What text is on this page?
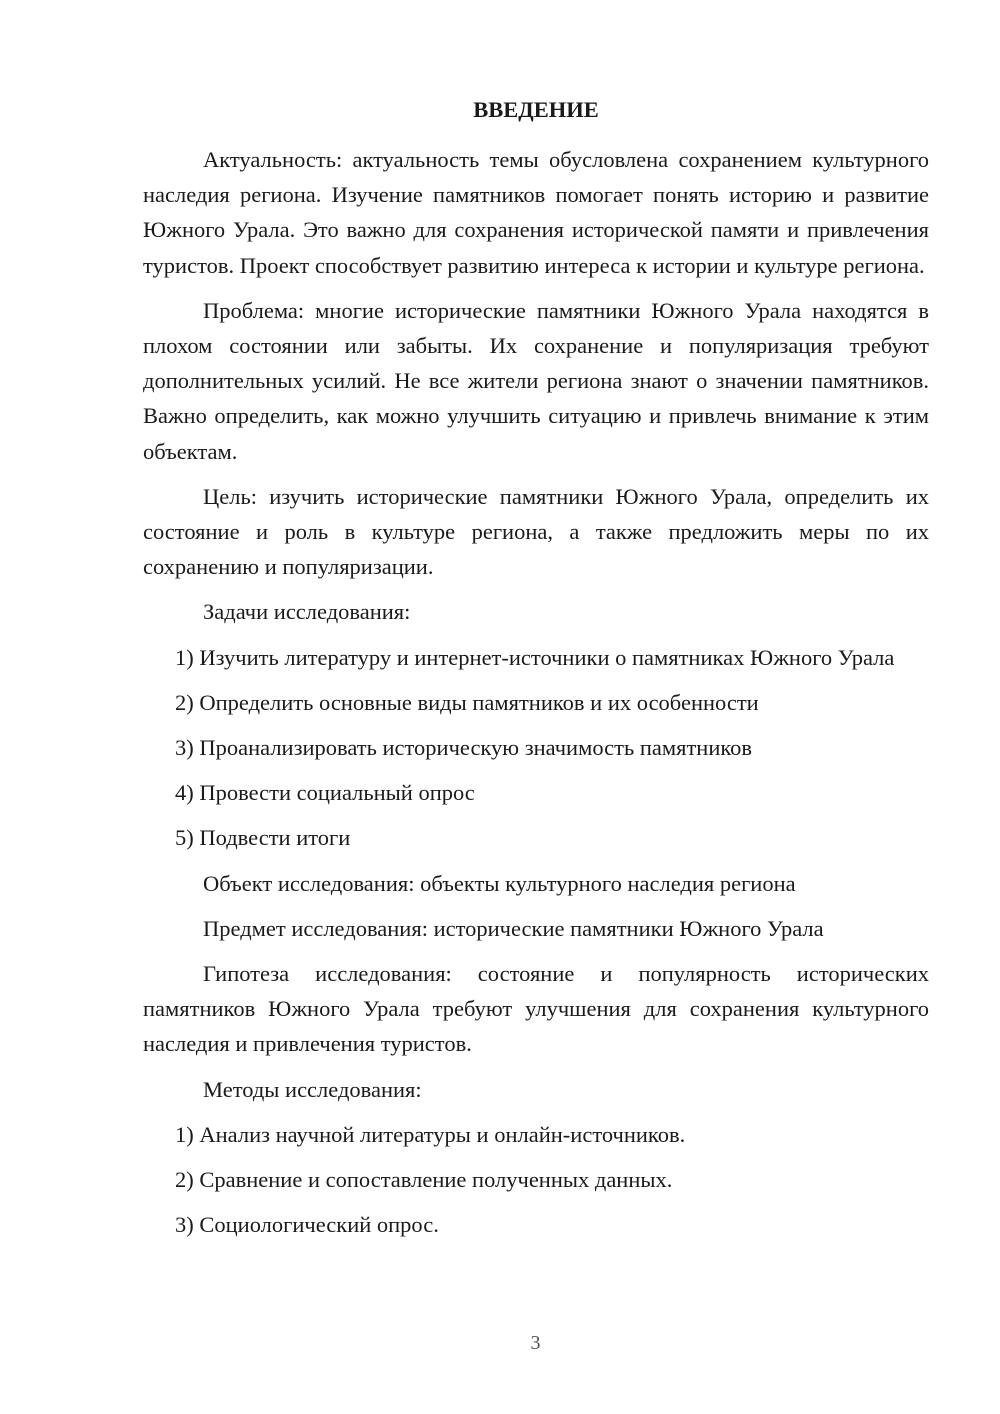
ВВЕДЕНИЕ

Актуальность: актуальность темы обусловлена сохранением культурного наследия региона. Изучение памятников помогает понять историю и развитие Южного Урала. Это важно для сохранения исторической памяти и привлечения туристов. Проект способствует развитию интереса к истории и культуре региона.

Проблема: многие исторические памятники Южного Урала находятся в плохом состоянии или забыты. Их сохранение и популяризация требуют дополнительных усилий. Не все жители региона знают о значении памятников. Важно определить, как можно улучшить ситуацию и привлечь внимание к этим объектам.

Цель: изучить исторические памятники Южного Урала, определить их состояние и роль в культуре региона, а также предложить меры по их сохранению и популяризации.

Задачи исследования:

1) Изучить литературу и интернет-источники о памятниках Южного Урала

2) Определить основные виды памятников и их особенности

3) Проанализировать историческую значимость памятников

4) Провести социальный опрос

5) Подвести итоги

Объект исследования: объекты культурного наследия региона
Предмет исследования: исторические памятники Южного Урала

Гипотеза исследования: состояние и популярность исторических памятников Южного Урала требуют улучшения для сохранения культурного наследия и привлечения туристов.

Методы исследования:

1) Анализ научной литературы и онлайн-источников.

2) Сравнение и сопоставление полученных данных.

3) Социологический опрос.

3
